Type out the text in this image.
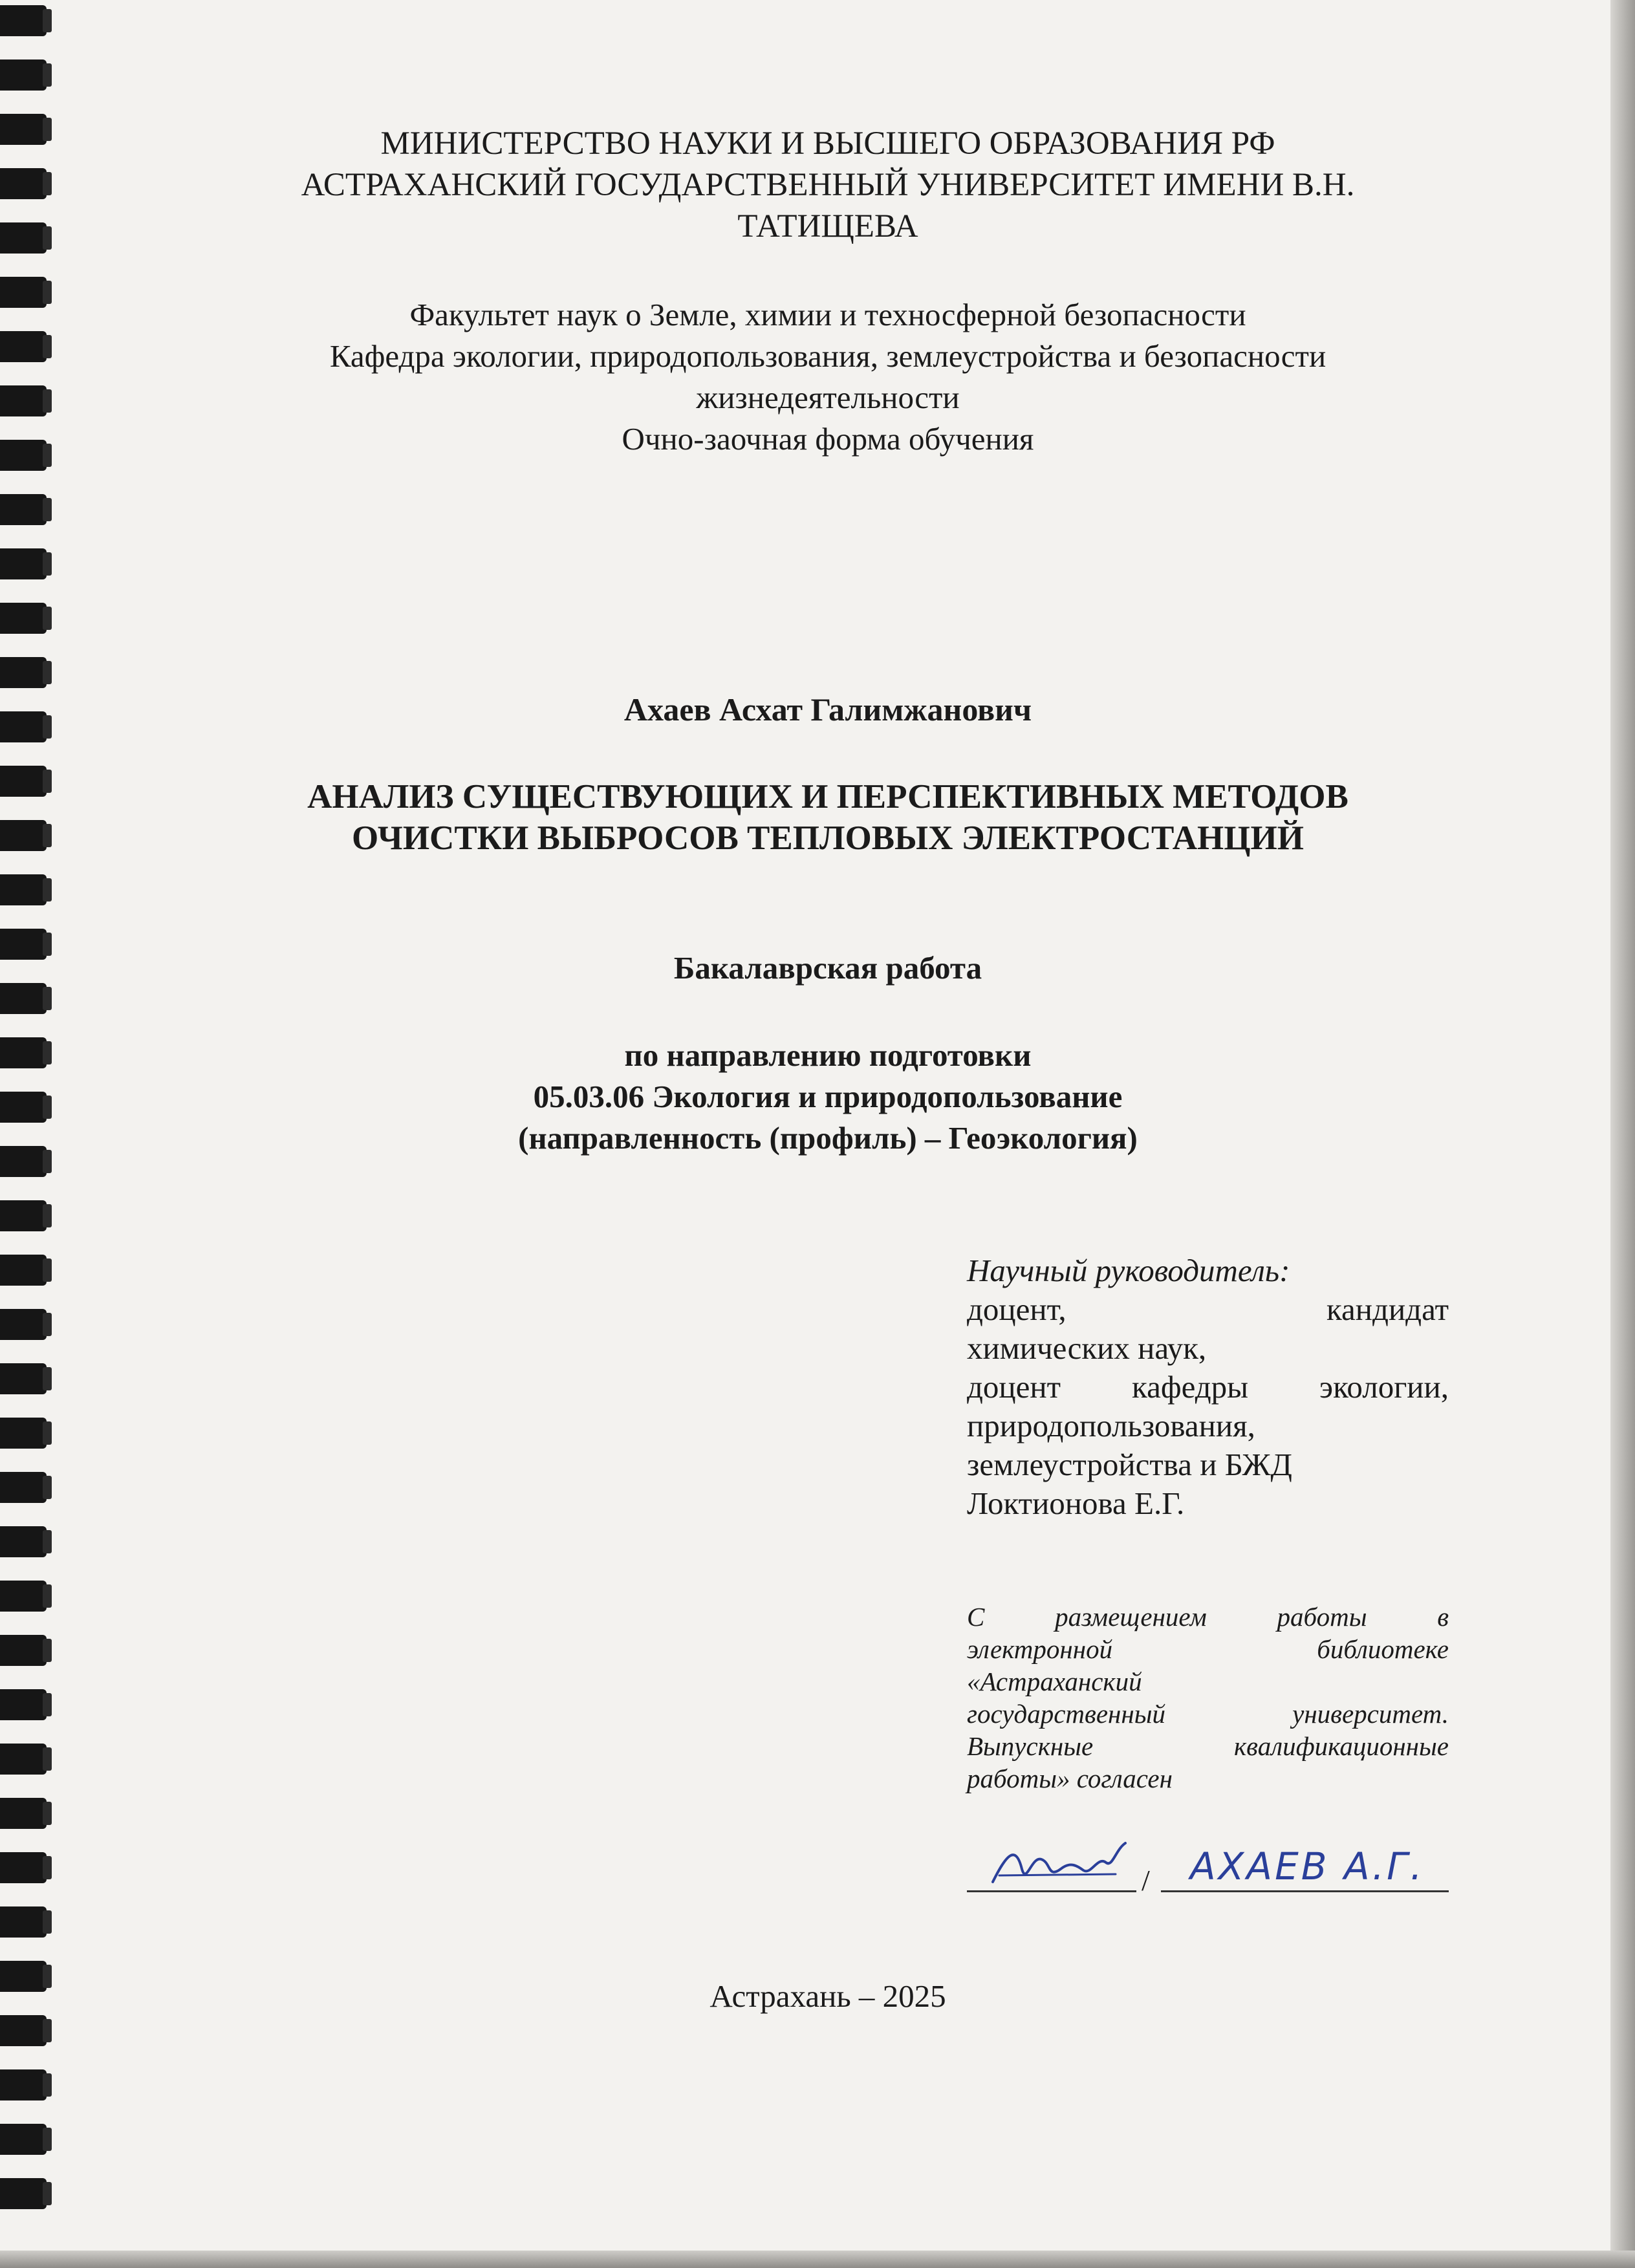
МИНИСТЕРСТВО НАУКИ И ВЫСШЕГО ОБРАЗОВАНИЯ РФ

АСТРАХАНСКИЙ ГОСУДАРСТВЕННЫЙ УНИВЕРСИТЕТ ИМЕНИ В.Н.

ТАТИЩЕВА

Факультет наук о Земле, химии и техносферной безопасности

Кафедра экологии, природопользования, землеустройства и безопасности

жизнедеятельности

Очно-заочная форма обучения

Ахаев Асхат Галимжанович

АНАЛИЗ СУЩЕСТВУЮЩИХ И ПЕРСПЕКТИВНЫХ МЕТОДОВ

ОЧИСТКИ ВЫБРОСОВ ТЕПЛОВЫХ ЭЛЕКТРОСТАНЦИЙ

Бакалаврская работа

по направлению подготовки

05.03.06 Экология и природопользование

(направленность (профиль) – Геоэкология)

Научный руководитель:

доцент, кандидат

химических наук,

доцент кафедры экологии,

природопользования,

землеустройства и БЖД

Локтионова Е.Г.

С размещением работы в

электронной библиотеке

«Астраханский

государственный университет.

Выпускные квалификационные

работы» согласен

/ АХАЕВ А.Г.

Астрахань – 2025
